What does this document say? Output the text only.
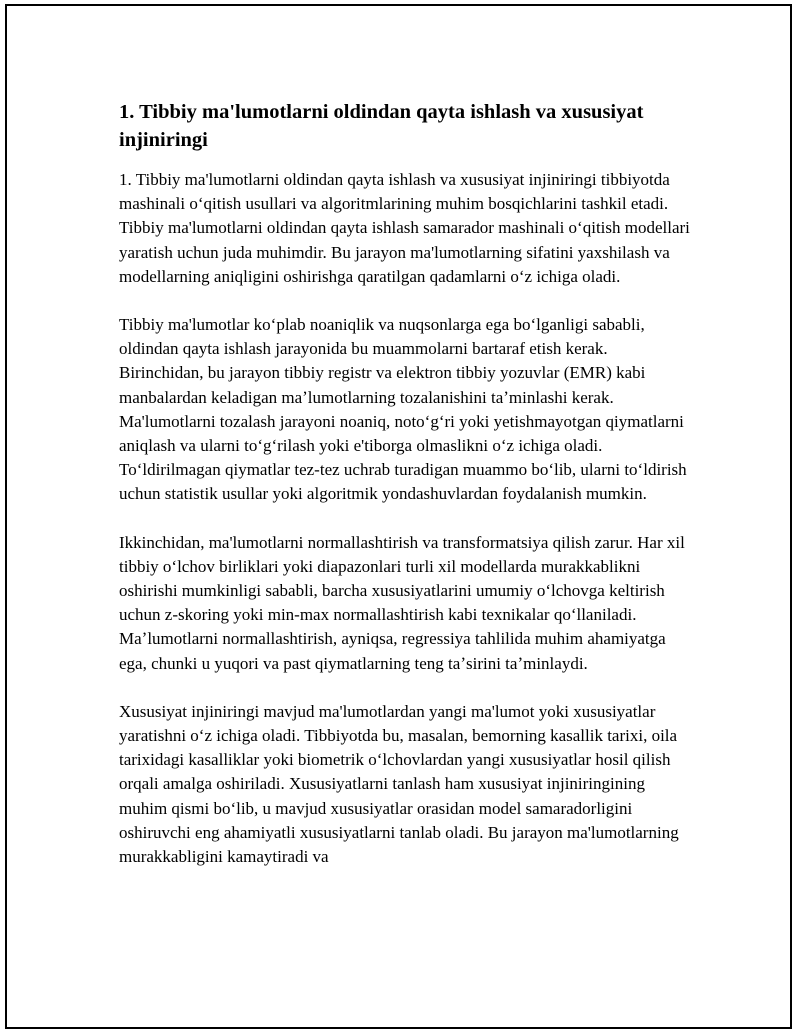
1. Tibbiy ma'lumotlarni oldindan qayta ishlash va xususiyat injiniringi

1. Tibbiy ma'lumotlarni oldindan qayta ishlash va xususiyat injiniringi tibbiyotda mashinali oʻqitish usullari va algoritmlarining muhim bosqichlarini tashkil etadi. Tibbiy ma'lumotlarni oldindan qayta ishlash samarador mashinali oʻqitish modellari yaratish uchun juda muhimdir. Bu jarayon ma'lumotlarning sifatini yaxshilash va modellarning aniqligini oshirishga qaratilgan qadamlarni oʻz ichiga oladi.

Tibbiy ma'lumotlar koʻplab noaniqlik va nuqsonlarga ega boʻlganligi sababli, oldindan qayta ishlash jarayonida bu muammolarni bartaraf etish kerak. Birinchidan, bu jarayon tibbiy registr va elektron tibbiy yozuvlar (EMR) kabi manbalardan keladigan maʼlumotlarning tozalanishini taʼminlashi kerak. Ma'lumotlarni tozalash jarayoni noaniq, notoʻgʻri yoki yetishmayotgan qiymatlarni aniqlash va ularni toʻgʻrilash yoki e'tiborga olmaslikni oʻz ichiga oladi. Toʻldirilmagan qiymatlar tez-tez uchrab turadigan muammo boʻlib, ularni toʻldirish uchun statistik usullar yoki algoritmik yondashuvlardan foydalanish mumkin.

Ikkinchidan, ma'lumotlarni normallashtirish va transformatsiya qilish zarur. Har xil tibbiy oʻlchov birliklari yoki diapazonlari turli xil modellarda murakkablikni oshirishi mumkinligi sababli, barcha xususiyatlarini umumiy oʻlchovga keltirish uchun z-skoring yoki min-max normallashtirish kabi texnikalar qoʻllaniladi. Maʼlumotlarni normallashtirish, ayniqsa, regressiya tahlilida muhim ahamiyatga ega, chunki u yuqori va past qiymatlarning teng taʼsirini taʼminlaydi.

Xususiyat injiniringi mavjud ma'lumotlardan yangi ma'lumot yoki xususiyatlar yaratishni oʻz ichiga oladi. Tibbiyotda bu, masalan, bemorning kasallik tarixi, oila tarixidagi kasalliklar yoki biometrik oʻlchovlardan yangi xususiyatlar hosil qilish orqali amalga oshiriladi. Xususiyatlarni tanlash ham xususiyat injiniringining muhim qismi boʻlib, u mavjud xususiyatlar orasidan model samaradorligini oshiruvchi eng ahamiyatli xususiyatlarni tanlab oladi. Bu jarayon ma'lumotlarning murakkabligini kamaytiradi va
